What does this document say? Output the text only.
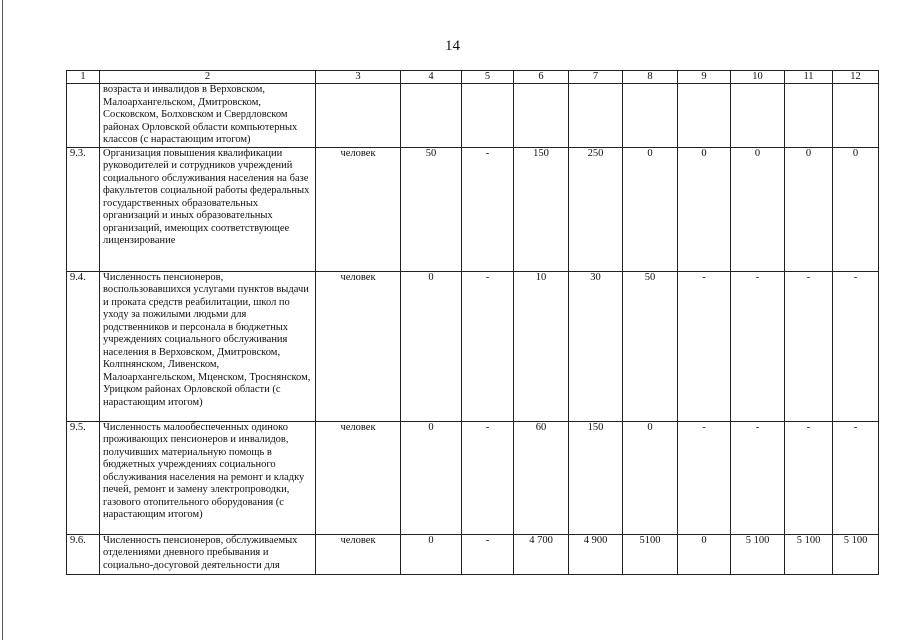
14
1	2	3	4	5	6	7	8	9	10	11	12
	возраста и инвалидов в Верховском, Малоархангельском, Дмитровском, Сосковском, Болховском и Свердловском районах Орловской области компьютерных классов (с нарастающим итогом)										
9.3.	Организация повышения квалификации руководителей и сотрудников учреждений социального обслуживания населения на базе факультетов социальной работы федеральных государственных образовательных организаций и иных образовательных организаций, имеющих соответствующее лицензирование	человек	50	-	150	250	0	0	0	0	0
9.4.	Численность пенсионеров, воспользовавшихся услугами пунктов выдачи и проката средств реабилитации, школ по уходу за пожилыми людьми для родственников и персонала в бюджетных учреждениях социального обслуживания населения в Верховском, Дмитровском, Колпнянском, Ливенском, Малоархангельском, Мценском, Троснянском, Урицком районах Орловской области (с нарастающим итогом)	человек	0	-	10	30	50	-	-	-	-
9.5.	Численность малообеспеченных одиноко проживающих пенсионеров и инвалидов, получивших материальную помощь в бюджетных учреждениях социального обслуживания населения на ремонт и кладку печей, ремонт и замену электропроводки, газового отопительного оборудования (с нарастающим итогом)	человек	0	-	60	150	0	-	-	-	-
9.6.	Численность пенсионеров, обслуживаемых отделениями дневного пребывания и социально-досуговой деятельности для	человек	0	-	4 700	4 900	5100	0	5 100	5 100	5 100
